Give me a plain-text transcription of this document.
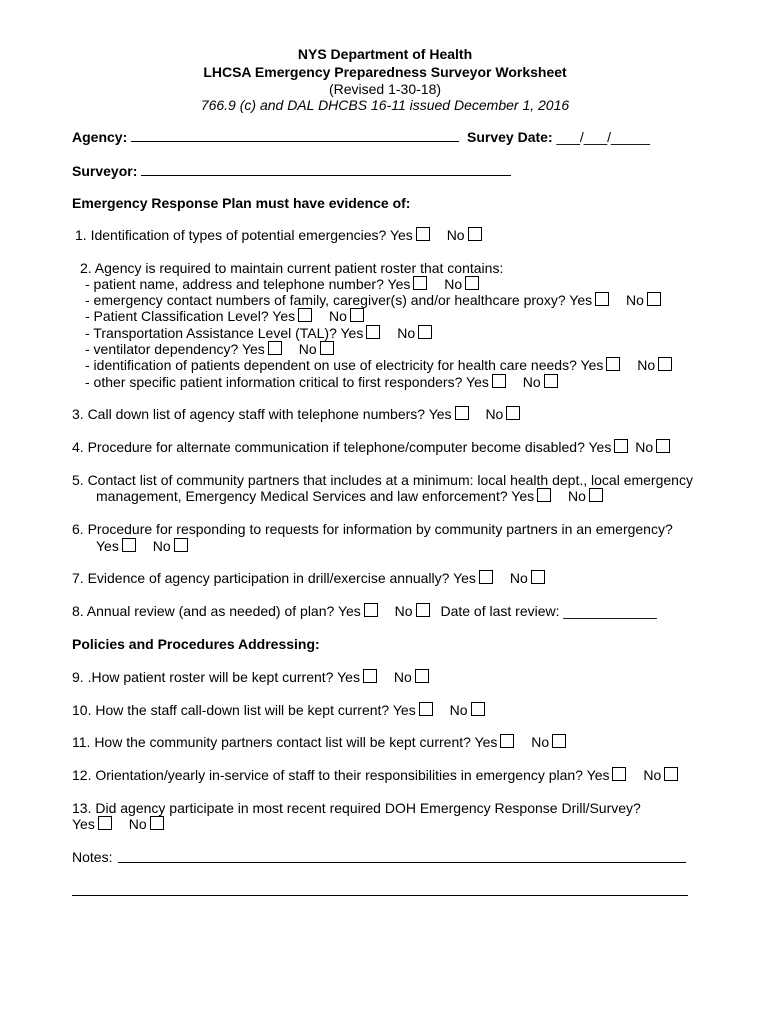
NYS Department of Health
LHCSA Emergency Preparedness Surveyor Worksheet
(Revised 1-30-18)
766.9 (c) and DAL DHCBS 16-11 issued December 1, 2016
Agency:	Survey Date: ___/___/_____
Surveyor:
Emergency Response Plan must have evidence of:
1. Identification of types of potential emergencies? Yes No
2. Agency is required to maintain current patient roster that contains:
- patient name, address and telephone number? Yes No
- emergency contact numbers of family, caregiver(s) and/or healthcare proxy? Yes No
- Patient Classification Level? Yes No
- Transportation Assistance Level (TAL)? Yes No
- ventilator dependency? Yes No
- identification of patients dependent on use of electricity for health care needs? Yes No
- other specific patient information critical to first responders? Yes No
3. Call down list of agency staff with telephone numbers? Yes No
4. Procedure for alternate communication if telephone/computer become disabled? Yes No
5. Contact list of community partners that includes at a minimum: local health dept., local emergency
management, Emergency Medical Services and law enforcement? Yes No
6. Procedure for responding to requests for information by community partners in an emergency?
Yes No
7. Evidence of agency participation in drill/exercise annually? Yes No
8. Annual review (and as needed) of plan? Yes No Date of last review: ____________
Policies and Procedures Addressing:
9. .How patient roster will be kept current? Yes No
10. How the staff call-down list will be kept current? Yes No
11. How the community partners contact list will be kept current? Yes No
12. Orientation/yearly in-service of staff to their responsibilities in emergency plan? Yes No
13. Did agency participate in most recent required DOH Emergency Response Drill/Survey?
Yes No
Notes:
